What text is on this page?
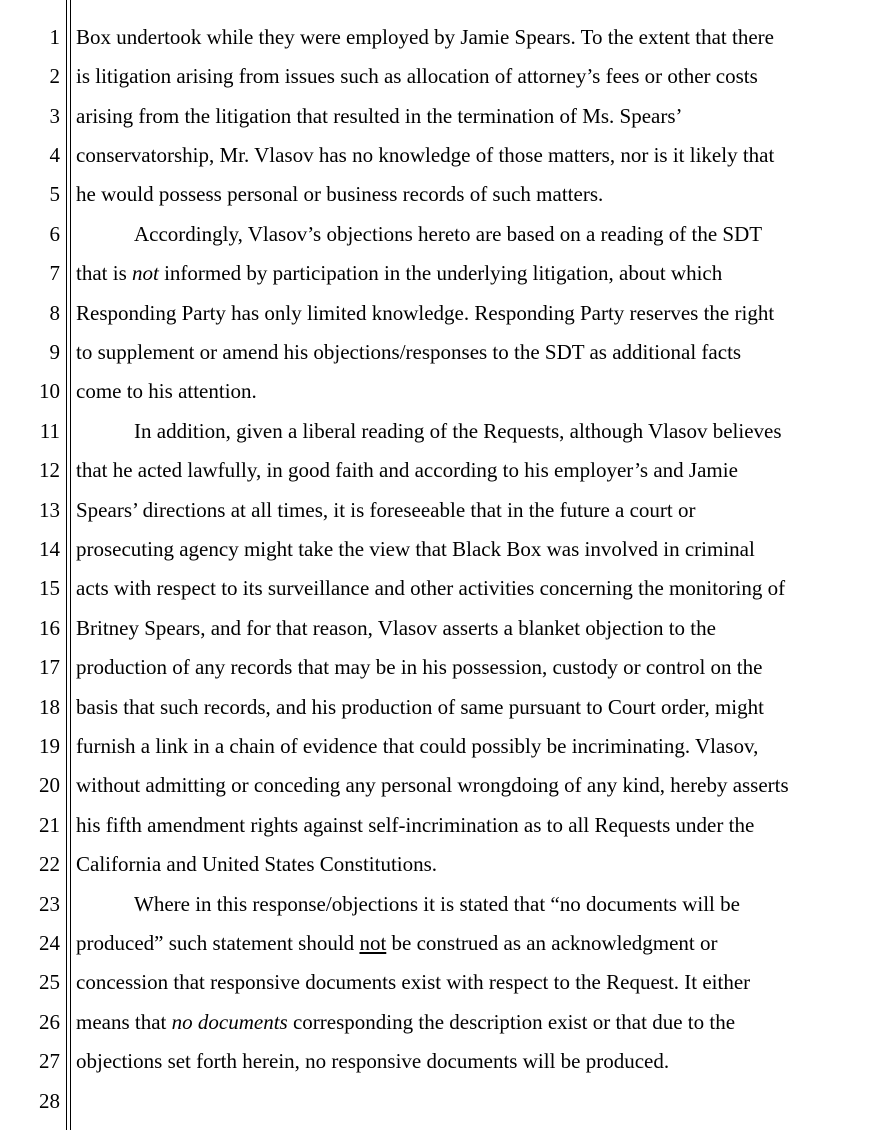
1
2
3
4
5
6
7
8
9
10
11
12
13
14
15
16
17
18
19
20
21
22
23
24
25
26
27
28
Box undertook while they were employed by Jamie Spears. To the extent that there
is litigation arising from issues such as allocation of attorney’s fees or other costs
arising from the litigation that resulted in the termination of Ms. Spears’
conservatorship, Mr. Vlasov has no knowledge of those matters, nor is it likely that
he would possess personal or business records of such matters.
Accordingly, Vlasov’s objections hereto are based on a reading of the SDT
that is not informed by participation in the underlying litigation, about which
Responding Party has only limited knowledge. Responding Party reserves the right
to supplement or amend his objections/responses to the SDT as additional facts
come to his attention.
In addition, given a liberal reading of the Requests, although Vlasov believes
that he acted lawfully, in good faith and according to his employer’s and Jamie
Spears’ directions at all times, it is foreseeable that in the future a court or
prosecuting agency might take the view that Black Box was involved in criminal
acts with respect to its surveillance and other activities concerning the monitoring of
Britney Spears, and for that reason, Vlasov asserts a blanket objection to the
production of any records that may be in his possession, custody or control on the
basis that such records, and his production of same pursuant to Court order, might
furnish a link in a chain of evidence that could possibly be incriminating. Vlasov,
without admitting or conceding any personal wrongdoing of any kind, hereby asserts
his fifth amendment rights against self-incrimination as to all Requests under the
California and United States Constitutions.
Where in this response/objections it is stated that “no documents will be
produced” such statement should not be construed as an acknowledgment or
concession that responsive documents exist with respect to the Request. It either
means that no documents corresponding the description exist or that due to the
objections set forth herein, no responsive documents will be produced.
